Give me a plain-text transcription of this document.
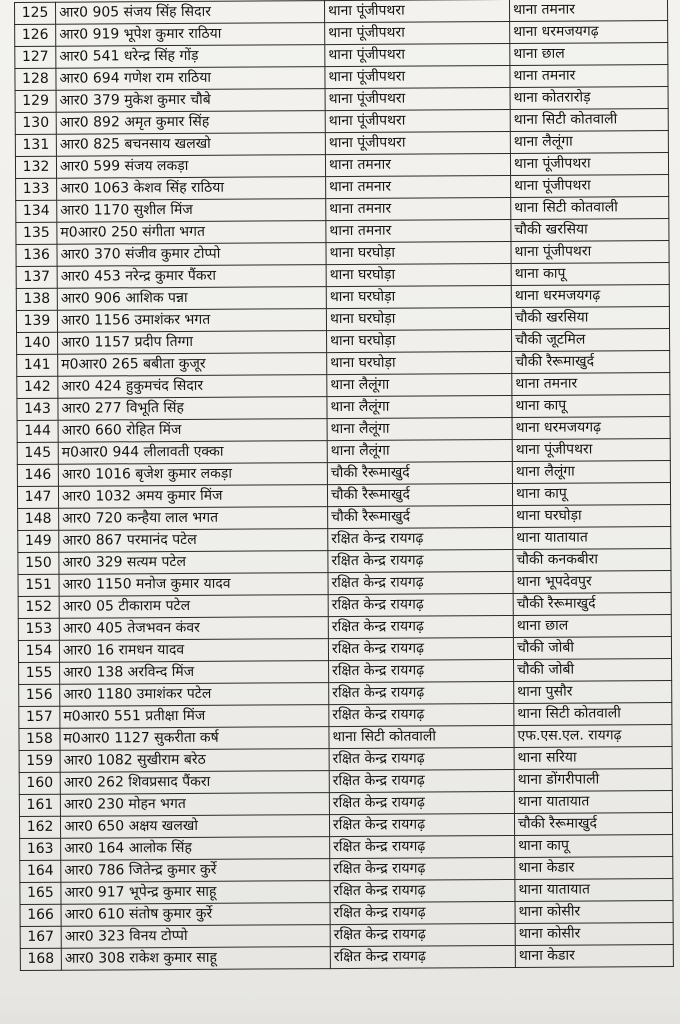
125	आर0 905 संजय सिंह सिदार	थाना पूंजीपथरा	थाना तमनार
126	आर0 919 भूपेश कुमार राठिया	थाना पूंजीपथरा	थाना धरमजयगढ़
127	आर0 541 धरेन्द्र सिंह गोंड़	थाना पूंजीपथरा	थाना छाल
128	आर0 694 गणेश राम राठिया	थाना पूंजीपथरा	थाना तमनार
129	आर0 379 मुकेश कुमार चौबे	थाना पूंजीपथरा	थाना कोतरारोड़
130	आर0 892 अमृत कुमार सिंह	थाना पूंजीपथरा	थाना सिटी कोतवाली
131	आर0 825 बचनसाय खलखो	थाना पूंजीपथरा	थाना लैलूंगा
132	आर0 599 संजय लकड़ा	थाना तमनार	थाना पूंजीपथरा
133	आर0 1063 केशव सिंह राठिया	थाना तमनार	थाना पूंजीपथरा
134	आर0 1170 सुशील मिंज	थाना तमनार	थाना सिटी कोतवाली
135	म0आर0 250 संगीता भगत	थाना तमनार	चौकी खरसिया
136	आर0 370 संजीव कुमार टोप्पो	थाना घरघोड़ा	थाना पूंजीपथरा
137	आर0 453 नरेन्द्र कुमार पैंकरा	थाना घरघोड़ा	थाना कापू
138	आर0 906 आशिक पन्ना	थाना घरघोड़ा	थाना धरमजयगढ़
139	आर0 1156 उमाशंकर भगत	थाना घरघोड़ा	चौकी खरसिया
140	आर0 1157 प्रदीप तिग्गा	थाना घरघोड़ा	चौकी जूटमिल
141	म0आर0 265 बबीता कुजूर	थाना घरघोड़ा	चौकी रैरूमाखुर्द
142	आर0 424 हुकुमचंद सिदार	थाना लैलूंगा	थाना तमनार
143	आर0 277 विभूति सिंह	थाना लैलूंगा	थाना कापू
144	आर0 660 रोहित मिंज	थाना लैलूंगा	थाना धरमजयगढ़
145	म0आर0 944 लीलावती एक्का	थाना लैलूंगा	थाना पूंजीपथरा
146	आर0 1016 बृजेश कुमार लकड़ा	चौकी रैरूमाखुर्द	थाना लैलूंगा
147	आर0 1032 अमय कुमार मिंज	चौकी रैरूमाखुर्द	थाना कापू
148	आर0 720 कन्हैया लाल भगत	चौकी रैरूमाखुर्द	थाना घरघोड़ा
149	आर0 867 परमानंद पटेल	रक्षित केन्द्र रायगढ़	थाना यातायात
150	आर0 329 सत्यम पटेल	रक्षित केन्द्र रायगढ़	चौकी कनकबीरा
151	आर0 1150 मनोज कुमार यादव	रक्षित केन्द्र रायगढ़	थाना भूपदेवपुर
152	आर0 05 टीकाराम पटेल	रक्षित केन्द्र रायगढ़	चौकी रैरूमाखुर्द
153	आर0 405 तेजभवन कंवर	रक्षित केन्द्र रायगढ़	थाना छाल
154	आर0 16 रामधन यादव	रक्षित केन्द्र रायगढ़	चौकी जोबी
155	आर0 138 अरविन्द मिंज	रक्षित केन्द्र रायगढ़	चौकी जोबी
156	आर0 1180 उमाशंकर पटेल	रक्षित केन्द्र रायगढ़	थाना पुसौर
157	म0आर0 551 प्रतीक्षा मिंज	रक्षित केन्द्र रायगढ़	थाना सिटी कोतवाली
158	म0आर0 1127 सुकरीता कर्ष	थाना सिटी कोतवाली	एफ.एस.एल. रायगढ़
159	आर0 1082 सुखीराम बरेठ	रक्षित केन्द्र रायगढ़	थाना सरिया
160	आर0 262 शिवप्रसाद पैंकरा	रक्षित केन्द्र रायगढ़	थाना डोंगरीपाली
161	आर0 230 मोहन भगत	रक्षित केन्द्र रायगढ़	थाना यातायात
162	आर0 650 अक्षय खलखो	रक्षित केन्द्र रायगढ़	चौकी रैरूमाखुर्द
163	आर0 164 आलोक सिंह	रक्षित केन्द्र रायगढ़	थाना कापू
164	आर0 786 जितेन्द्र कुमार कुर्रे	रक्षित केन्द्र रायगढ़	थाना केडार
165	आर0 917 भूपेन्द्र कुमार साहू	रक्षित केन्द्र रायगढ़	थाना यातायात
166	आर0 610 संतोष कुमार कुर्रे	रक्षित केन्द्र रायगढ़	थाना कोसीर
167	आर0 323 विनय टोप्पो	रक्षित केन्द्र रायगढ़	थाना कोसीर
168	आर0 308 राकेश कुमार साहू	रक्षित केन्द्र रायगढ़	थाना केडार
